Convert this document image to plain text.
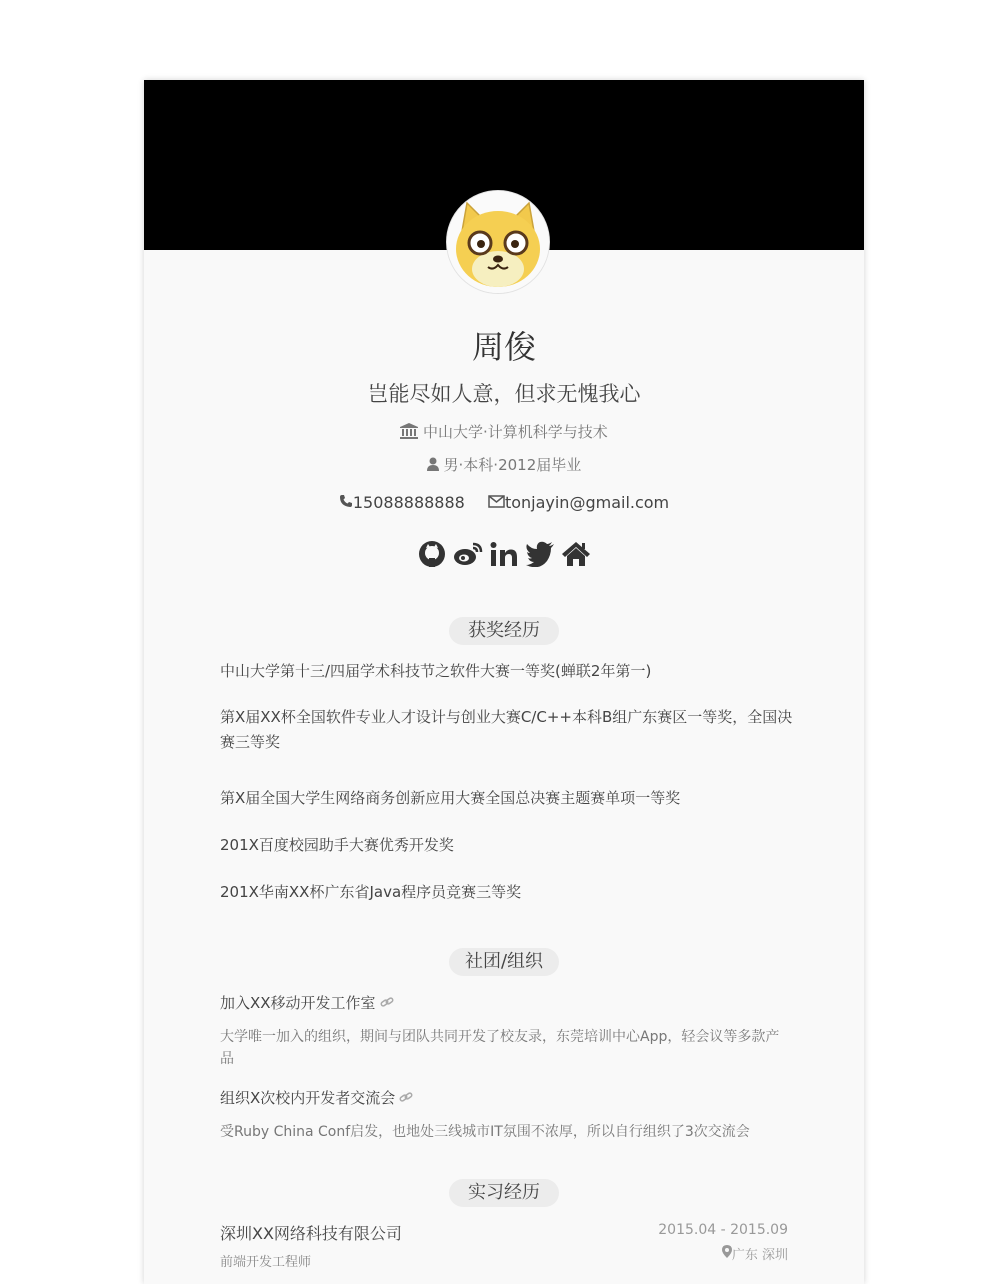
周俊
岂能尽如人意，但求无愧我心
中山大学·计算机科学与技术
男·本科·2012届毕业
15088888888
	tonjayin@gmail.com
获奖经历
中山大学第十三/四届学术科技节之软件大赛一等奖(蝉联2年第一)
第X届XX杯全国软件专业人才设计与创业大赛C/C++本科B组广东赛区一等奖，全国决赛三等奖
第X届全国大学生网络商务创新应用大赛全国总决赛主题赛单项一等奖
201X百度校园助手大赛优秀开发奖
201X华南XX杯广东省Java程序员竞赛三等奖
社团/组织
加入XX移动开发工作室
大学唯一加入的组织，期间与团队共同开发了校友录，东莞培训中心App，轻会议等多款产品
组织X次校内开发者交流会
受Ruby China Conf启发，也地处三线城市IT氛围不浓厚，所以自行组织了3次交流会
实习经历
深圳XX网络科技有限公司
前端开发工程师
2015.04 - 2015.09
广东 深圳
